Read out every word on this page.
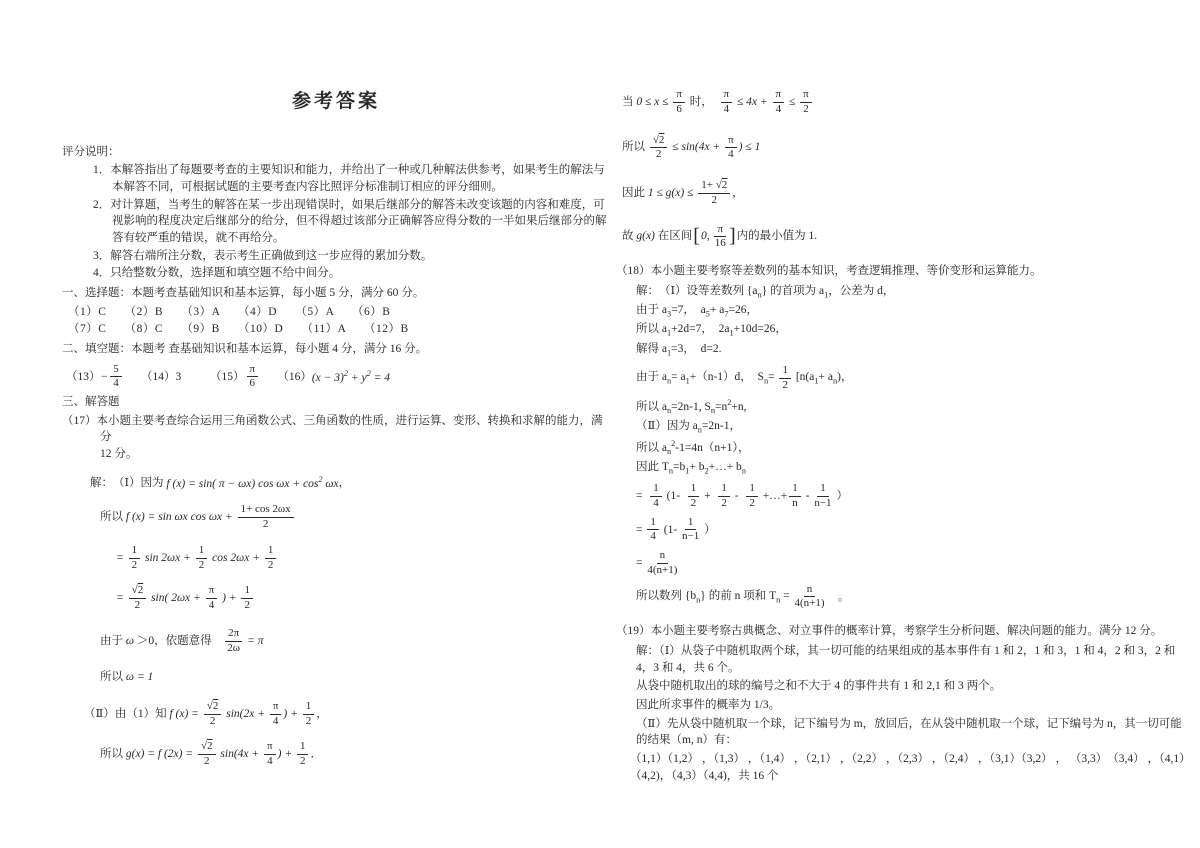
参考答案
评分说明：
1．本解答指出了每题要考查的主要知识和能力，并给出了一种或几种解法供参考，如果考生的解法与本解答不同，可根据试题的主要考查内容比照评分标准制订相应的评分细则。
2．对计算题，当考生的解答在某一步出现错误时，如果后继部分的解答未改变该题的内容和难度，可视影响的程度决定后继部分的给分，但不得超过该部分正确解答应得分数的一半如果后继部分的解答有较严重的错误，就不再给分。
3．解答右端所注分数，表示考生正确做到这一步应得的累加分数。
4．只给整数分数，选择题和填空题不给中间分。
一、选择题：本题考查基础知识和基本运算，每小题 5 分，满分 60 分。
（1）C　　（2）B　　（3）A　　（4）D　　（5）A　　（6）B
（7）C　　（8）C　　（9）B　　（10）D　　（11）A　　（12）B
二、填空题：本题考 查基础知识和基本运算，每小题 4 分，满分 16 分。
$(13) - \frac{5}{4}$ 　　（14）3　　　（15）
π
6
　　（16） $(x - 3)^2 + y^2 = 4$
三、解答题
（17）本小题主要考查综合运用三角函数公式、三角函数的性质，进行运算、变形、转换和求解的能力，满分
12 分。
解：　（Ⅰ）因为 f (x) = sin( π − ωx) $\cos \omega x + \cos^2 \omega x$ ，
所以 f (x) = sin ωx $\cos \omega x + \frac{1+ \cos 2\omega x}{2}$
= $\frac{1}{2}$ $\sin 2\omega x + \frac{1}{2}$ $\cos 2\omega x + \frac{1}{2}$
= $\frac{√2}{2} \sin$( $2\omega x + \frac{\pi}{4}$ ) + $\frac{1}{2}$
由于 ω ＞0，依题意得　 $\frac{2\pi}{2\omega} = \pi$
所以 ω = 1
（Ⅱ）由（1）知 f $(x) = \frac{√2}{2} \sin(2x + \frac{\pi}{4}$ ) + $\frac{1}{2}$ ，
所以 g(x) = f $(2x) = \frac{√2}{2} \sin(4x + \frac{\pi}{4}$ ) + $\frac{1}{2}$ ．
当 $0 \le x \le \frac{\pi}{6}$ 时，　 $\frac{\pi}{4} \le 4x + \frac{\pi}{4} \le \frac{\pi}{2}$
所以 $\frac{√2}{2} \le \sin(4x + \frac{\pi}{4}$ ) ≤ 1
因此 $1 \le g(x) \le \frac{1+ √2}{2}$ ，
故 g(x) 在区间 [ 0,
π
16 ] 内的最小值为 1.
（18）本小题主要考察等差数列的基本知识，考查逻辑推理、等价变形和运算能力。
解：　（Ⅰ）设等差数列 $\{a_n\}$ 的首项为 $a_1$，公差为 d，
由于 $a_3=7$，  $a_5+ a_7=26$，
所以 $a_1+2d=7$，  $2a_1+10d=26$，
解得 $a_1=3$，  d=2.
由于 $a_n= a_1+(n-1)d$，  $S_n= \frac{1}{2} [n(a_1+ a_n)$，
所以 $a_n=2n-1$, $S_n=n^2+n$,
（Ⅱ）因为 $a_n=2n-1$，
所以 $a_n^2-1=4n(n+1)$，
因此 $T_n=b_1+$ $b_2+\dots+ b_n$
= $\frac{1}{4} (1-$
1
2
+ $\frac{1}{2}$ -
1
2
+…+ $\frac{1}{n}$ -
1
n−1
）
= $\frac{1}{4} (1-$
1
n−1
）
= $\frac{n}{4(n+1)}$
所以数列 $\{b_n\}$ 的前 n 项和 $T_n = \frac{n}{4(n+1)}$ 　。
（19）本小题主要考察古典概念、对立事件的概率计算，考察学生分析问题、解决问题的能力。满分 12 分。
解：（Ⅰ）从袋子中随机取两个球，其一切可能的结果组成的基本事件有 1 和 2，1 和 3，1 和 4，2 和 3，2 和 4，3 和 4，共 6 个。
从袋中随机取出的球的编号之和不大于 4 的事件共有 1 和 2,1 和 3 两个。
因此所求事件的概率为 1/3。
（Ⅱ）先从袋中随机取一个球，记下编号为 m，放回后，在从袋中随机取一个球，记下编号为 n，其一切可能的结果（m, n）有：
（1,1）（1,2） ，（1,3） ，（1,4） ，（2,1） ，（2,2） ，（2,3） ，（2,4） ，（3,1）（3,2） ， （3,3）　（3,4） ，（4,1）（4,2)，（4,3）（4,4)，共 16 个
